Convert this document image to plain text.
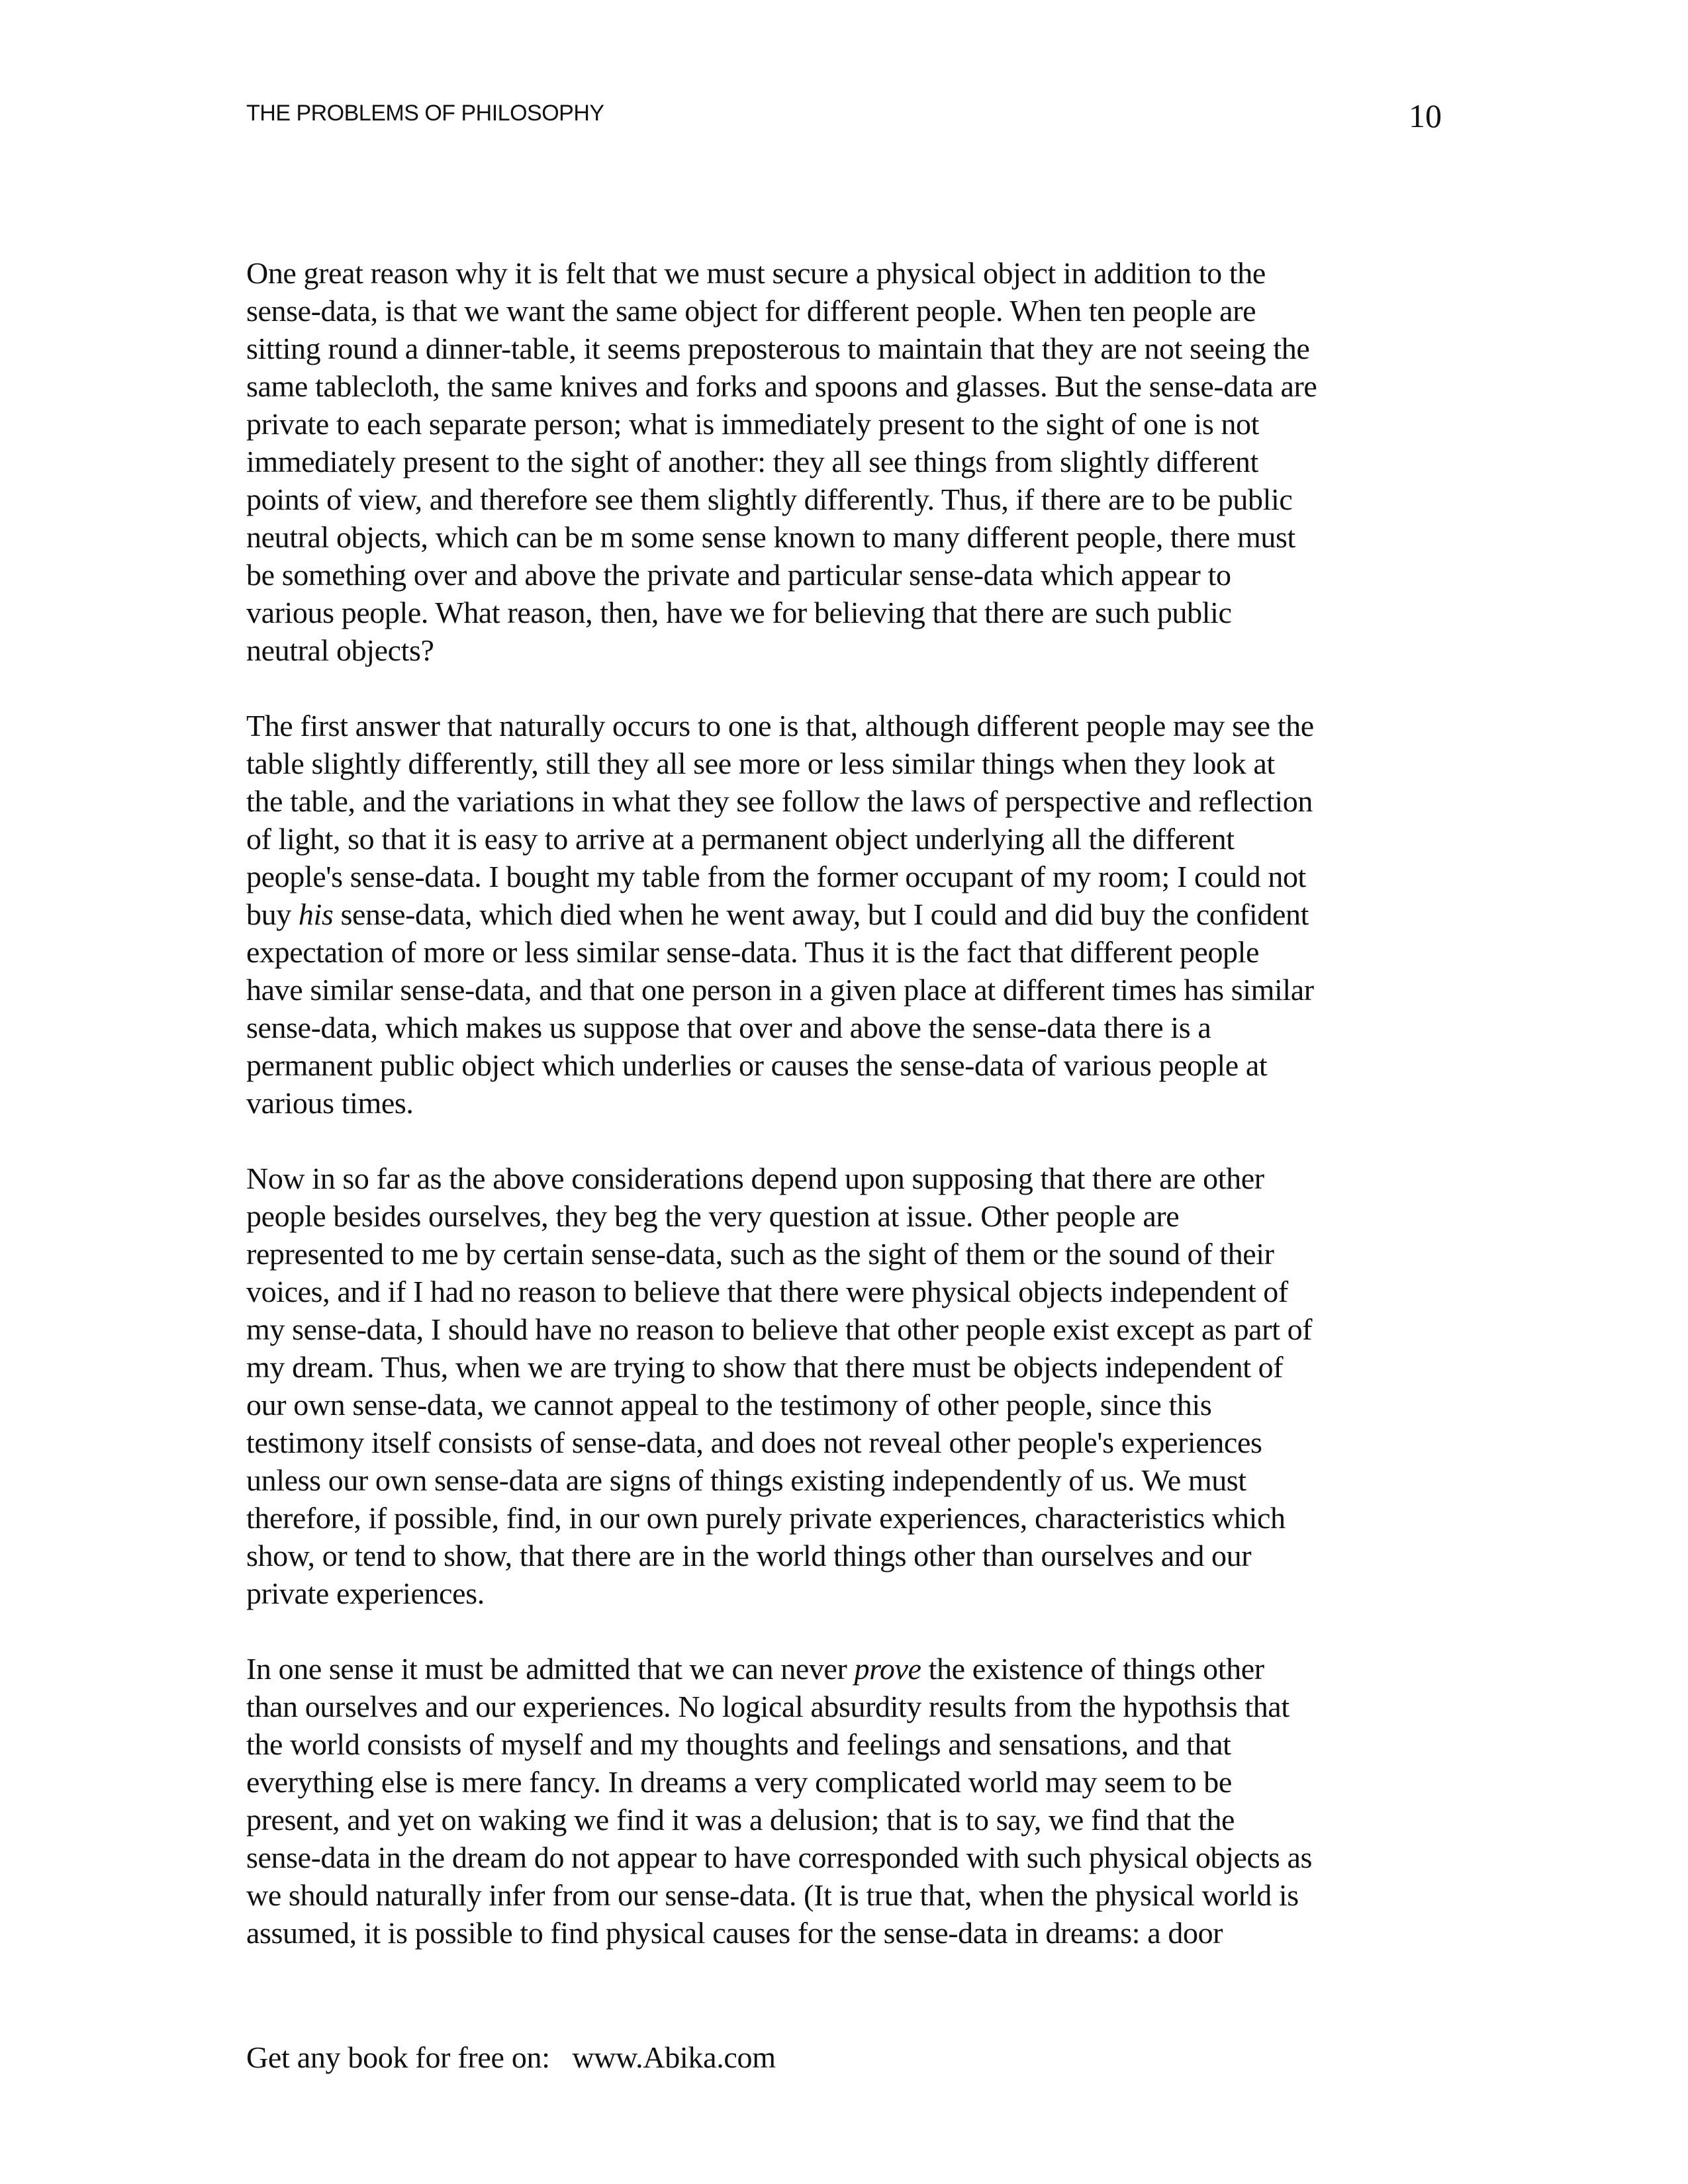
THE PROBLEMS OF PHILOSOPHY	10
One great reason why it is felt that we must secure a physical object in addition to the
sense-data, is that we want the same object for different people. When ten people are
sitting round a dinner-table, it seems preposterous to maintain that they are not seeing the
same tablecloth, the same knives and forks and spoons and glasses. But the sense-data are
private to each separate person; what is immediately present to the sight of one is not
immediately present to the sight of another: they all see things from slightly different
points of view, and therefore see them slightly differently. Thus, if there are to be public
neutral objects, which can be m some sense known to many different people, there must
be something over and above the private and particular sense-data which appear to
various people. What reason, then, have we for believing that there are such public
neutral objects?
The first answer that naturally occurs to one is that, although different people may see the
table slightly differently, still they all see more or less similar things when they look at
the table, and the variations in what they see follow the laws of perspective and reflection
of light, so that it is easy to arrive at a permanent object underlying all the different
people's sense-data. I bought my table from the former occupant of my room; I could not
buy his sense-data, which died when he went away, but I could and did buy the confident
expectation of more or less similar sense-data. Thus it is the fact that different people
have similar sense-data, and that one person in a given place at different times has similar
sense-data, which makes us suppose that over and above the sense-data there is a
permanent public object which underlies or causes the sense-data of various people at
various times.
Now in so far as the above considerations depend upon supposing that there are other
people besides ourselves, they beg the very question at issue. Other people are
represented to me by certain sense-data, such as the sight of them or the sound of their
voices, and if I had no reason to believe that there were physical objects independent of
my sense-data, I should have no reason to believe that other people exist except as part of
my dream. Thus, when we are trying to show that there must be objects independent of
our own sense-data, we cannot appeal to the testimony of other people, since this
testimony itself consists of sense-data, and does not reveal other people's experiences
unless our own sense-data are signs of things existing independently of us. We must
therefore, if possible, find, in our own purely private experiences, characteristics which
show, or tend to show, that there are in the world things other than ourselves and our
private experiences.
In one sense it must be admitted that we can never prove the existence of things other
than ourselves and our experiences. No logical absurdity results from the hypothsis that
the world consists of myself and my thoughts and feelings and sensations, and that
everything else is mere fancy. In dreams a very complicated world may seem to be
present, and yet on waking we find it was a delusion; that is to say, we find that the
sense-data in the dream do not appear to have corresponded with such physical objects as
we should naturally infer from our sense-data. (It is true that, when the physical world is
assumed, it is possible to find physical causes for the sense-data in dreams: a door
Get any book for free on:   www.Abika.com
